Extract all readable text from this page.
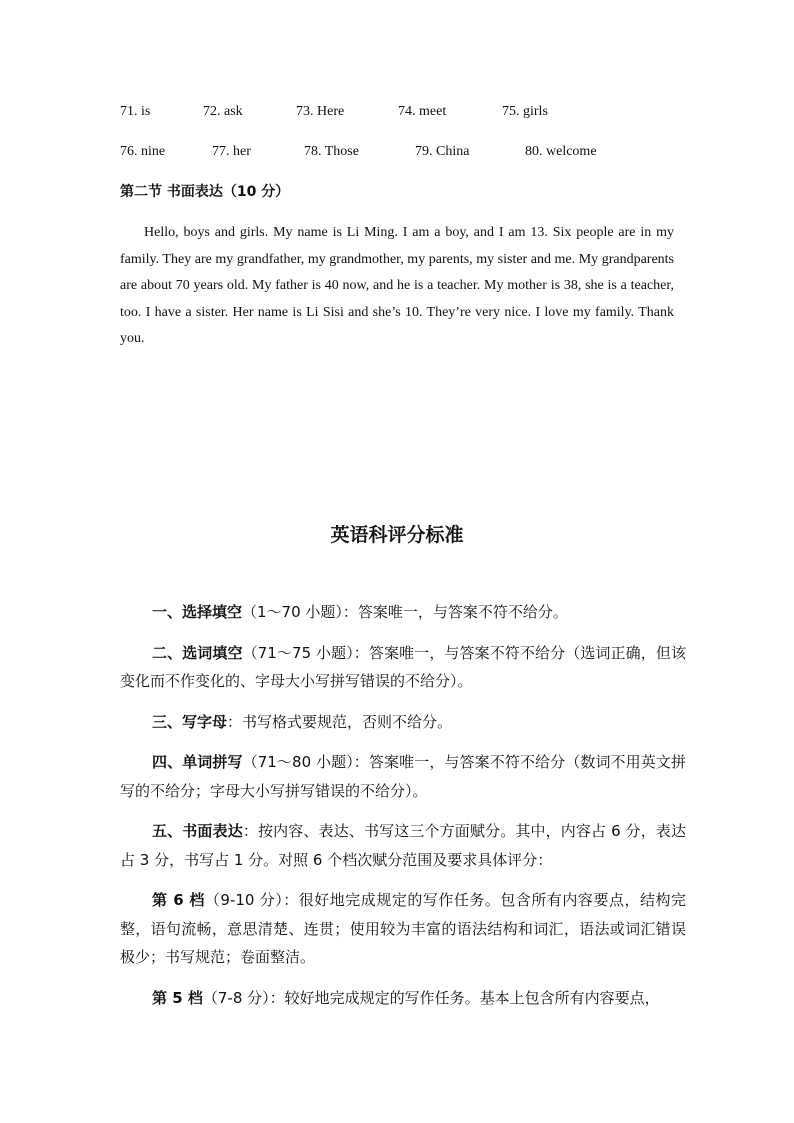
71. is	72. ask	73. Here	74. meet	75. girls
76. nine	77. her	78. Those	79. China	80. welcome
第二节 书面表达（10 分）

Hello, boys and girls. My name is Li Ming. I am a boy, and I am 13. Six people are in my family. They are my grandfather, my grandmother, my parents, my sister and me. My grandparents are about 70 years old. My father is 40 now, and he is a teacher. My mother is 38, she is a teacher, too. I have a sister. Her name is Li Sisi and she’s 10. They’re very nice. I love my family. Thank you.

英语科评分标准

一、选择填空（1～70 小题）：答案唯一，与答案不符不给分。

二、选词填空（71～75 小题）：答案唯一，与答案不符不给分（选词正确，但该变化而不作变化的、字母大小写拼写错误的不给分）。

三、写字母：书写格式要规范，否则不给分。

四、单词拼写（71～80 小题）：答案唯一，与答案不符不给分（数词不用英文拼写的不给分；字母大小写拼写错误的不给分）。

五、书面表达：按内容、表达、书写这三个方面赋分。其中，内容占 6 分，表达占 3 分，书写占 1 分。对照 6 个档次赋分范围及要求具体评分：

第 6 档（9-10 分）：很好地完成规定的写作任务。包含所有内容要点，结构完整，语句流畅，意思清楚、连贯；使用较为丰富的语法结构和词汇，语法或词汇错误极少；书写规范；卷面整洁。

第 5 档（7-8 分）：较好地完成规定的写作任务。基本上包含所有内容要点，
